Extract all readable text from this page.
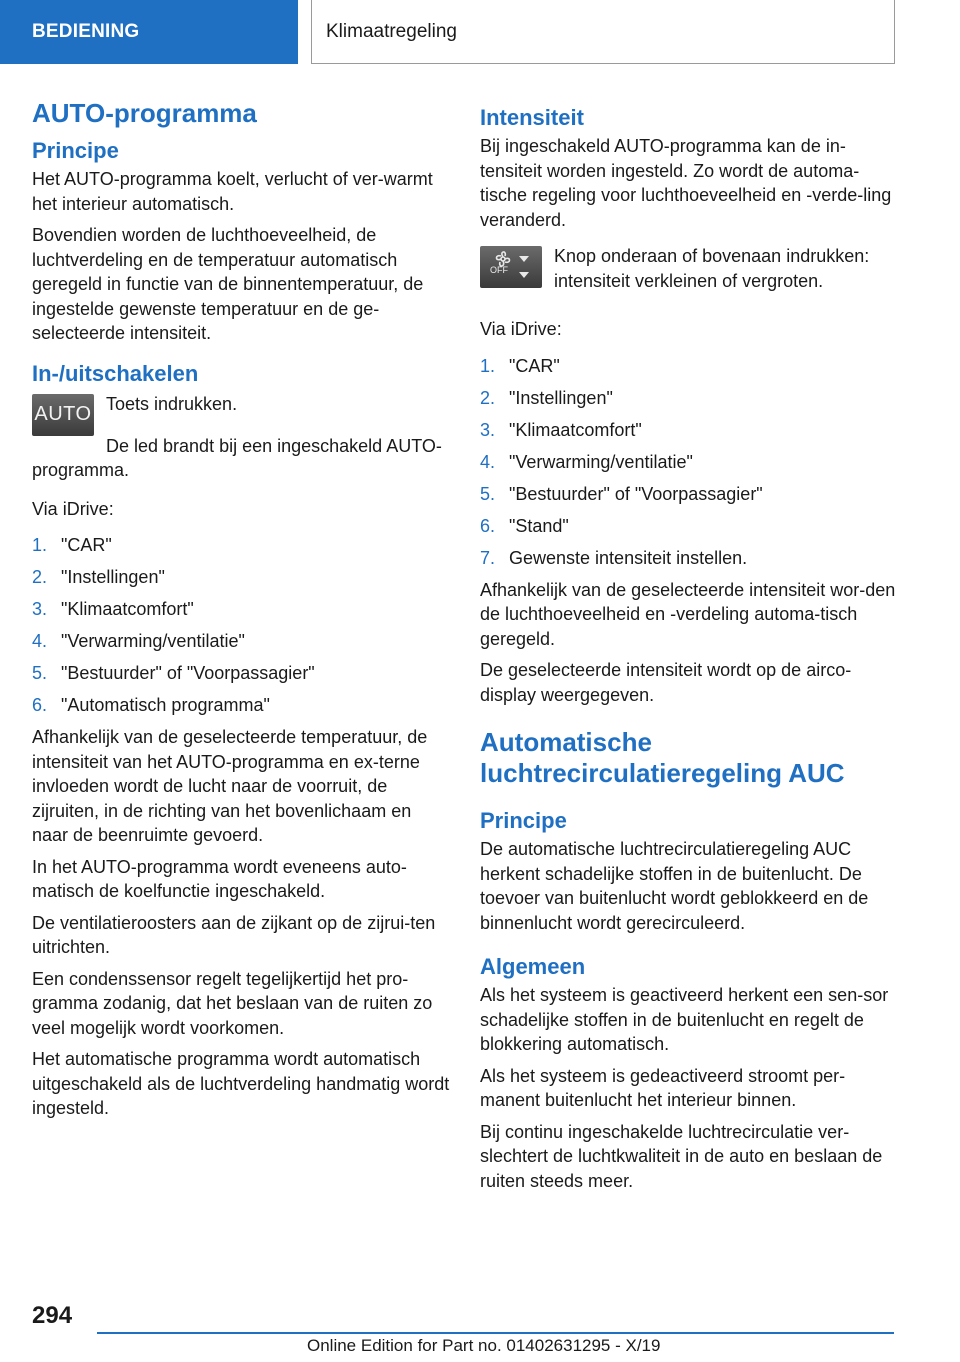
BEDIENING	Klimaatregeling
AUTO-programma
Principe

Het AUTO-programma koelt, verlucht of ver-warmt het interieur automatisch.

Bovendien worden de luchthoeveelheid, de luchtverdeling en de temperatuur automatisch geregeld in functie van de binnentemperatuur, de ingestelde gewenste temperatuur en de ge-selecteerde intensiteit.

In-/uitschakelen
AUTO Toets indrukken.

De led brandt bij een ingeschakeld AUTO-programma.

Via iDrive:

1. "CAR"
2. "Instellingen"
3. "Klimaatcomfort"
4. "Verwarming/ventilatie"
5. "Bestuurder" of "Voorpassagier"
6. "Automatisch programma"

Afhankelijk van de geselecteerde temperatuur, de intensiteit van het AUTO-programma en ex-terne invloeden wordt de lucht naar de voorruit, de zijruiten, in de richting van het bovenlichaam en naar de beenruimte gevoerd.

In het AUTO-programma wordt eveneens auto-matisch de koelfunctie ingeschakeld.

De ventilatieroosters aan de zijkant op de zijrui-ten uitrichten.

Een condenssensor regelt tegelijkertijd het pro-gramma zodanig, dat het beslaan van de ruiten zo veel mogelijk wordt voorkomen.

Het automatische programma wordt automatisch uitgeschakeld als de luchtverdeling handmatig wordt ingesteld.

Intensiteit

Bij ingeschakeld AUTO-programma kan de in-tensiteit worden ingesteld. Zo wordt de automa-tische regeling voor luchthoeveelheid en -verde-ling veranderd.

Knop onderaan of bovenaan indrukken: intensiteit verkleinen of vergroten.

OFF

Via iDrive:

1. "CAR"
2. "Instellingen"
3. "Klimaatcomfort"
4. "Verwarming/ventilatie"
5. "Bestuurder" of "Voorpassagier"
6. "Stand"
7. Gewenste intensiteit instellen.

Afhankelijk van de geselecteerde intensiteit wor-den de luchthoeveelheid en -verdeling automa-tisch geregeld.

De geselecteerde intensiteit wordt op de airco-display weergegeven.

Automatische luchtrecirculatieregeling AUC
Principe

De automatische luchtrecirculatieregeling AUC herkent schadelijke stoffen in de buitenlucht. De toevoer van buitenlucht wordt geblokkeerd en de binnenlucht wordt gerecirculeerd.

Algemeen

Als het systeem is geactiveerd herkent een sen-sor schadelijke stoffen in de buitenlucht en regelt de blokkering automatisch.

Als het systeem is gedeactiveerd stroomt per-manent buitenlucht het interieur binnen.

Bij continu ingeschakelde luchtrecirculatie ver-slechtert de luchtkwaliteit in de auto en beslaan de ruiten steeds meer.

294
Online Edition for Part no. 01402631295 - X/19
